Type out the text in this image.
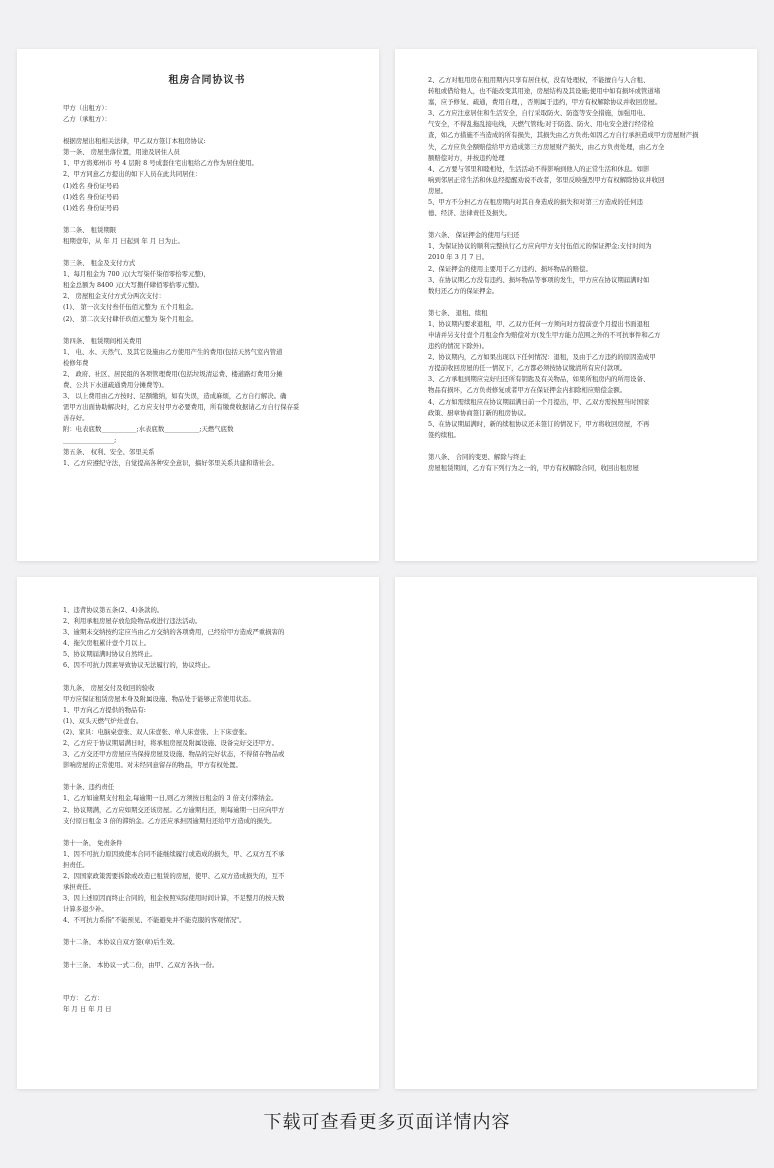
租房合同协议书
甲方（出租方）：
乙方（承租方）：
根据房屋出租相关法律，甲乙双方签订本租房协议:
第一条、 房屋坐落位置，用途及居住人员
1、甲方将郑州市 号 4 层附 8 号成套住宅出租给乙方作为居住使用。
2、甲方同意乙方提出的如下人员在此共同居住：
(1)姓名 身份证号码
(1)姓名 身份证号码
(1)姓名 身份证号码
第二条、 租赁期限
租期壹年，从 年 月 日起到 年 月 日为止。
第三条、 租金及支付方式
1、每月租金为 700 元(大写柒仟柒佰零拾零元整)，
租金总额为 8400 元(大写捌仟肆佰零拾零元整)。
2、 房屋租金支付方式分两次支付：
(1)、 第一次支付叁仟伍佰元整为 五个月租金。
(2)、 第二次支付肆仟玖佰元整为 柒个月租金。
第四条、 租赁期间相关费用
1、 电、水、天然气、及其它设施由乙方使用产生的费用(包括天然气室内管道
检修年费
2、 政府、社区、居民组的各项管理费用(包括垃圾清运费、楼道路灯费用分摊
费、公共下水道疏通费用分摊费等)。
3、 以上费用由乙方按时、足额缴纳，如有失误，造成麻烦，乙方自行解决。确
需甲方出面协助解决时，乙方应支付甲方必要费用，所有缴费收据请乙方自行保存妥
善存好。
附：电表底数___________;水表底数___________;天燃气底数
________________;
第五条、 权利、安全、邻里关系
1、乙方应遵纪守法，自觉提高各种安全意识，搞好邻里关系共建和谐社会。
2、乙方对租用房在租用期内只享有居住权，没有处理权，不能擅自与人合租、
转租或借给他人，也不能改变其用途，房屋结构及其设施;使用中如有损坏或管道堵
塞，应予修复、疏通，费用自理，，否则属于违约，甲方有权解除协议并收回房屋。
3、乙方应注意居住和生活安全，自行采取防火、防盗等安全措施，加强用电、
气安全，不得乱拖乱接电线，天燃气管线;对于防盗、防火、用电安全进行经常检
查，如乙方措施不当造成的所有损失，其损失由乙方负责;如因乙方自行承担造成甲方房屋财产损
失，乙方应负全额赔偿给甲方造成第三方房屋财产损失，由乙方负责处理，由乙方全
额赔偿对方，并按违约处理
4、乙方要与邻里和睦相处，生活活动不得影响到他人的正常生活和休息。如影
响到邻居正常生活和休息经提醒劝说不改者，邻里反映强烈甲方有权解除协议并收回
房屋。
5、甲方不分担乙方在租房期内对其自身造成的损失和对第三方造成的任何违
德、经济、法律责任及损失。
第六条、 保证押金的使用与归还
1、为保证协议的顺利完整执行乙方应向甲方支付伍佰元的保证押金;支付时间为
2010 年 3 月 7 日。
2、保证押金的使用主要用于乙方违约、损坏物品的赔偿。
3、在协议期乙方没有违约、损坏物品等事项的发生，甲方应在协议期届满时如
数归还乙方的保证押金。
第七条、 退租、续租
1、协议期内要求退租，甲、乙双方任何一方须向对方提前壹个月提出书面退租
申请并另支付壹个月租金作为赔偿对方(发生甲方能力范围之外的不可抗事件和乙方
违约的情况下除外)。
2、协议期内，乙方如果出现以下任何情况：退租，及由于乙方违约的原因造成甲
方提前收回房屋的任一情况下，乙方都必须按协议缴清所有应付款项。
3、乙方承租到期应完好归还所有钥匙及有关物品，如果所租房内的所用设备、
物品有损坏，乙方负责修复或者甲方在保证押金内扣除相应赔偿金额。
4、乙方如需续租应在协议期届满日前一个月提出，甲、乙双方需按照当时国家
政策、厨章协商签订新的租房协议。
5、在协议期届满时，新的续租协议还未签订的情况下，甲方将收回房屋，不再
签约续租。
第八条、 合同的变更、解除与终止
房屋租赁期间，乙方有下列行为之一的，甲方有权解除合同，收回出租房屋
1、违背协议第五条(2、4)条款的。
2、利用承租房屋存放危险物品或进行违法活动。
3、逾期未交纳按约定应当由乙方交纳的各项费用，已经给甲方造成严重损害的
4、拖欠房租累计壹个月以上。
5、协议期届满时协议自然终止。
6、因不可抗力因素导致协议无法履行的，协议终止。
第九条、 房屋交付及收回的验收
甲方应保证租赁房屋本身及附属设施、物品处于能够正常使用状态。
1、甲方向乙方提供的物品有:
(1)、双头天燃气炉灶壹台。
(2)、家具：电脑桌壹张、双人床壹张、单人床壹张、上下床壹张。
2、乙方应于协议期届满日时，将承租房屋及附属设施、设备完好交还甲方。
3、乙方交还甲方房屋应当保持房屋及设施、物品的完好状态，不得留存物品或
影响房屋的正常使用。对未经同意留存的物品，甲方有权处置。
第十条、违约责任
1、乙方如逾期支付租金,每逾期一日,则乙方须按日租金的 3 倍支付滞纳金。
2、协议期满，乙方应如期交还该房屋。乙方逾期归还，则每逾期一日应向甲方
支付原日租金 3 倍的滞纳金。乙方还应承担因逾期归还给甲方造成的损失。
第十一条、 免责条件
1、因不可抗力原因致使本合同不能继续履行或造成的损失，甲、乙双方互不承
担责任。
2、因国家政策需要拆除或改造已租赁的房屋，使甲、乙双方造成损失的，互不
承担责任。
3、因上述原因而终止合同的，租金按照实际使用时间计算，不足整月的按天数
计算多退少补。
4、不可抗力系指"不能预见、不能避免并不能克服的客观情况"。
第十二条、 本协议自双方签(章)后生效。
第十三条、 本协议一式二份，由甲、乙双方各执一份。
甲方： 乙方：
年 月 日 年 月 日
下载可查看更多页面详情内容
